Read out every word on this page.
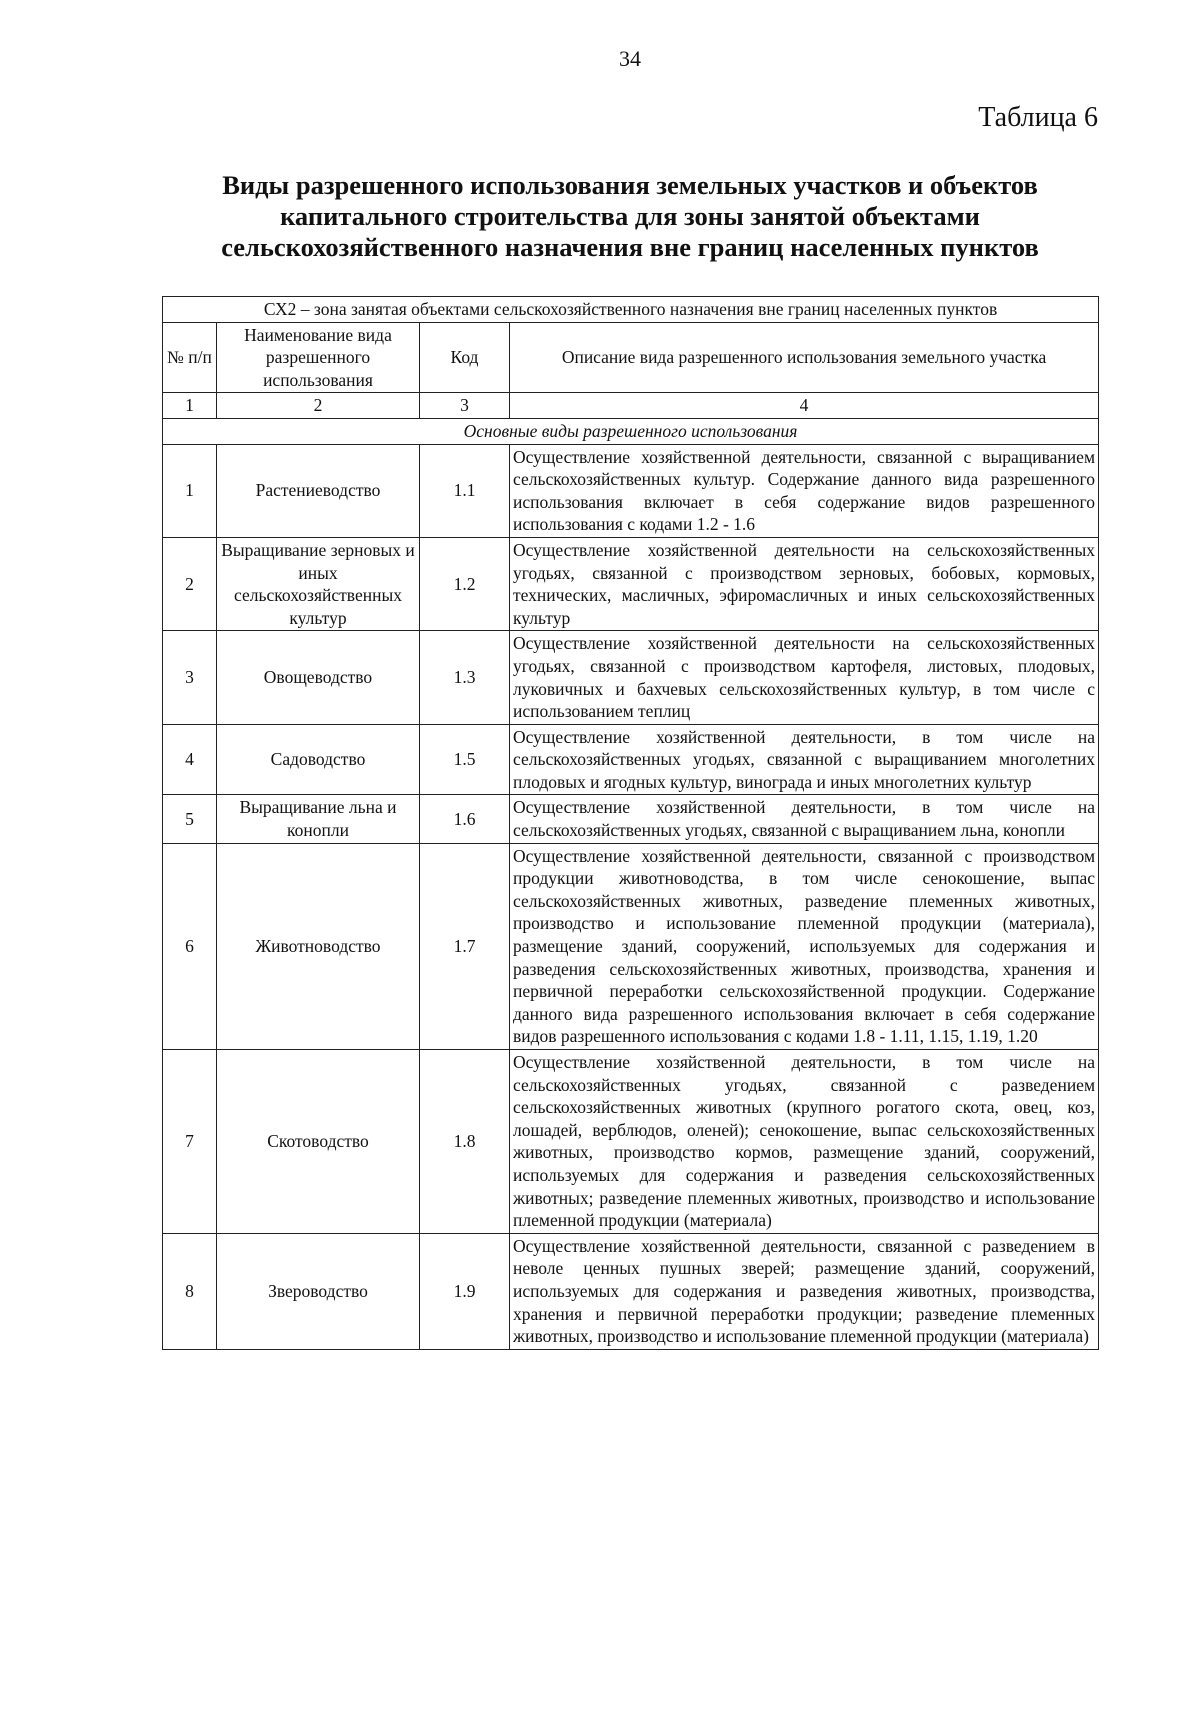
34
Таблица 6
Виды разрешенного использования земельных участков и объектов капитального строительства для зоны занятой объектами сельскохозяйственного назначения вне границ населенных пунктов
СХ2 – зона занятая объектами сельскохозяйственного назначения вне границ населенных пунктов			
№ п/п	Наименование вида разрешенного использования	Код	Описание вида разрешенного использования земельного участка
1	2	3	4
Основные виды разрешенного использования			
1	Растениеводство	1.1	Осуществление хозяйственной деятельности, связанной с выращиванием сельскохозяйственных культур. Содержание данного вида разрешенного использования включает в себя содержание видов разрешенного использования с кодами 1.2 - 1.6
2	Выращивание зерновых и иных сельскохозяйственных культур	1.2	Осуществление хозяйственной деятельности на сельскохозяйственных угодьях, связанной с производством зерновых, бобовых, кормовых, технических, масличных, эфиромасличных и иных сельскохозяйственных культур
3	Овощеводство	1.3	Осуществление хозяйственной деятельности на сельскохозяйственных угодьях, связанной с производством картофеля, листовых, плодовых, луковичных и бахчевых сельскохозяйственных культур, в том числе с использованием теплиц
4	Садоводство	1.5	Осуществление хозяйственной деятельности, в том числе на сельскохозяйственных угодьях, связанной с выращиванием многолетних плодовых и ягодных культур, винограда и иных многолетних культур
5	Выращивание льна и конопли	1.6	Осуществление хозяйственной деятельности, в том числе на сельскохозяйственных угодьях, связанной с выращиванием льна, конопли
6	Животноводство	1.7	Осуществление хозяйственной деятельности, связанной с производством продукции животноводства, в том числе сенокошение, выпас сельскохозяйственных животных, разведение племенных животных, производство и использование племенной продукции (материала), размещение зданий, сооружений, используемых для содержания и разведения сельскохозяйственных животных, производства, хранения и первичной переработки сельскохозяйственной продукции. Содержание данного вида разрешенного использования включает в себя содержание видов разрешенного использования с кодами 1.8 - 1.11, 1.15, 1.19, 1.20
7	Скотоводство	1.8	Осуществление хозяйственной деятельности, в том числе на сельскохозяйственных угодьях, связанной с разведением сельскохозяйственных животных (крупного рогатого скота, овец, коз, лошадей, верблюдов, оленей); сенокошение, выпас сельскохозяйственных животных, производство кормов, размещение зданий, сооружений, используемых для содержания и разведения сельскохозяйственных животных; разведение племенных животных, производство и использование племенной продукции (материала)
8	Звероводство	1.9	Осуществление хозяйственной деятельности, связанной с разведением в неволе ценных пушных зверей; размещение зданий, сооружений, используемых для содержания и разведения животных, производства, хранения и первичной переработки продукции; разведение племенных животных, производство и использование племенной продукции (материала)
